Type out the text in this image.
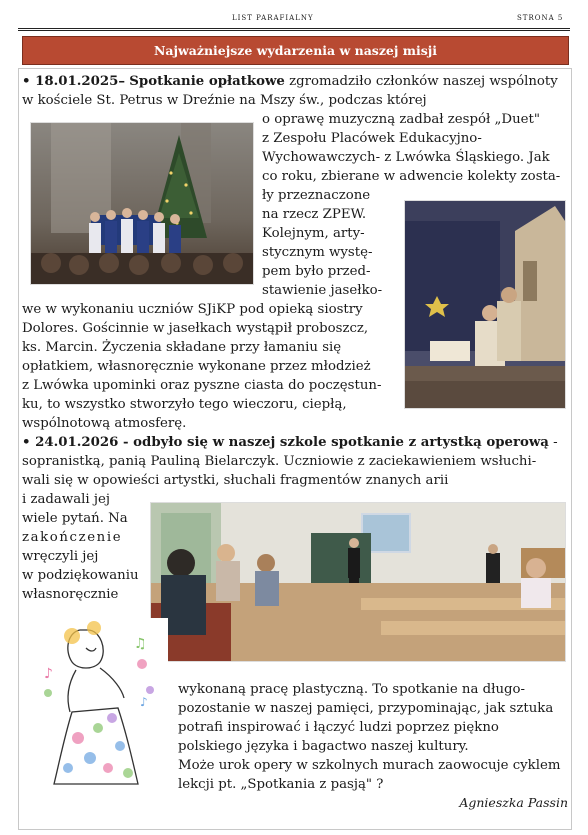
LIST PARAFIALNY	STRONA 5
Najważniejsze wydarzenia w naszej misji
• 18.01.2025– Spotkanie opłatkowe zgromadziło członków naszej wspólnoty
w kościele St. Petrus w Dreźnie na Mszy św., podczas której
o oprawę muzyczną zadbał zespół „Duet"
z Zespołu Placówek Edukacyjno-
Wychowawczych- z Lwówka Śląskiego. Jak
co roku, zbierane w adwencie kolekty zosta-
ły przeznaczone
na rzecz ZPEW.
Kolejnym, arty-
stycznym wystę-
pem było przed-
stawienie jasełko-
we w wykonaniu uczniów SJiKP pod opieką siostry
Dolores. Gościnnie w jasełkach wystąpił proboszcz,
ks. Marcin. Życzenia składane przy łamaniu się
opłatkiem, własnoręcznie wykonane przez młodzież
z Lwówka upominki oraz pyszne ciasta do poczęstun-
ku, to wszystko stworzyło tego wieczoru, ciepłą,
wspólnotową atmosferę.
• 24.01.2026 - odbyło się w naszej szkole spotkanie z artystką operową -
sopranistką, panią Pauliną Bielarczyk. Uczniowie z zaciekawieniem wsłuchi-
wali się w opowieści artystki, słuchali fragmentów znanych arii
i zadawali jej
wiele pytań. Na
zakończenie
wręczyli jej
w podziękowaniu
własnoręcznie
wykonaną pracę plastyczną. To spotkanie na długo-
pozostanie w naszej pamięci, przypominając, jak sztuka
potrafi inspirować i łączyć ludzi poprzez piękno
polskiego języka i bagactwo naszej kultury.
Może urok opery w szkolnych murach zaowocuje cyklem
lekcji pt. „Spotkania z pasją" ?
♪
♫
♪
Agnieszka Passin
